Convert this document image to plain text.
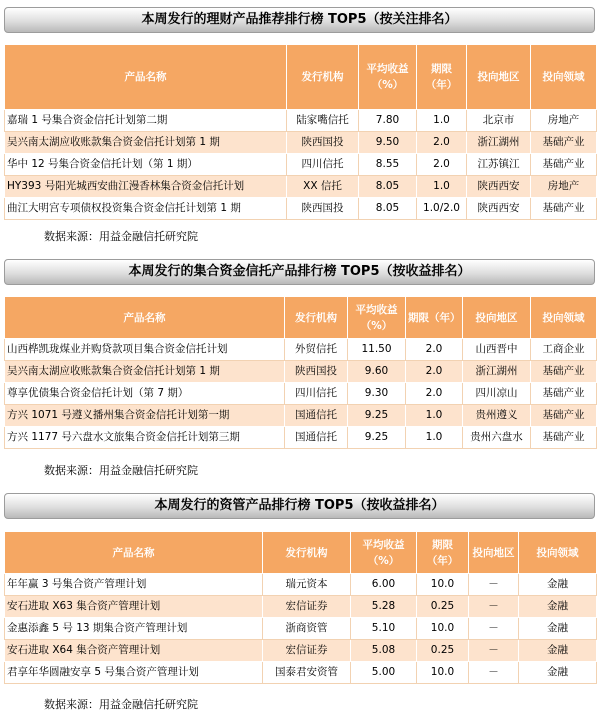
本周发行的理财产品推荐排行榜 TOP5（按关注排名）
产品名称	发行机构	平均收益（%）	期限（年）	投向地区	投向领域
嘉瑞 1 号集合资金信托计划第二期	陆家嘴信托	7.80	1.0	北京市	房地产
吴兴南太湖应收账款集合资金信托计划第 1 期	陕西国投	9.50	2.0	浙江湖州	基础产业
华中 12 号集合资金信托计划（第 1 期）	四川信托	8.55	2.0	江苏镇江	基础产业
HY393 号阳光城西安曲江漫香林集合资金信托计划	XX 信托	8.05	1.0	陕西西安	房地产
曲江大明宫专项债权投资集合资金信托计划第 1 期	陕西国投	8.05	1.0/2.0	陕西西安	基础产业
数据来源：用益金融信托研究院
本周发行的集合资金信托产品排行榜 TOP5（按收益排名）
产品名称	发行机构	平均收益（%）	期限（年）	投向地区	投向领域
山西桦凯珑煤业并购贷款项目集合资金信托计划	外贸信托	11.50	2.0	山西晋中	工商企业
吴兴南太湖应收账款集合资金信托计划第 1 期	陕西国投	9.60	2.0	浙江湖州	基础产业
尊享优债集合资金信托计划（第 7 期）	四川信托	9.30	2.0	四川凉山	基础产业
方兴 1071 号遵义播州集合资金信托计划第一期	国通信托	9.25	1.0	贵州遵义	基础产业
方兴 1177 号六盘水文旅集合资金信托计划第三期	国通信托	9.25	1.0	贵州六盘水	基础产业
数据来源：用益金融信托研究院
本周发行的资管产品排行榜 TOP5（按收益排名）
产品名称	发行机构	平均收益（%）	期限（年）	投向地区	投向领域
年年赢 3 号集合资产管理计划	瑞元资本	6.00	10.0	－	金融
安石进取 X63 集合资产管理计划	宏信证券	5.28	0.25	－	金融
金惠添鑫 5 号 13 期集合资产管理计划	浙商资管	5.10	10.0	－	金融
安石进取 X64 集合资产管理计划	宏信证券	5.08	0.25	－	金融
君享年华圆融安享 5 号集合资产管理计划	国泰君安资管	5.00	10.0	－	金融
数据来源：用益金融信托研究院
